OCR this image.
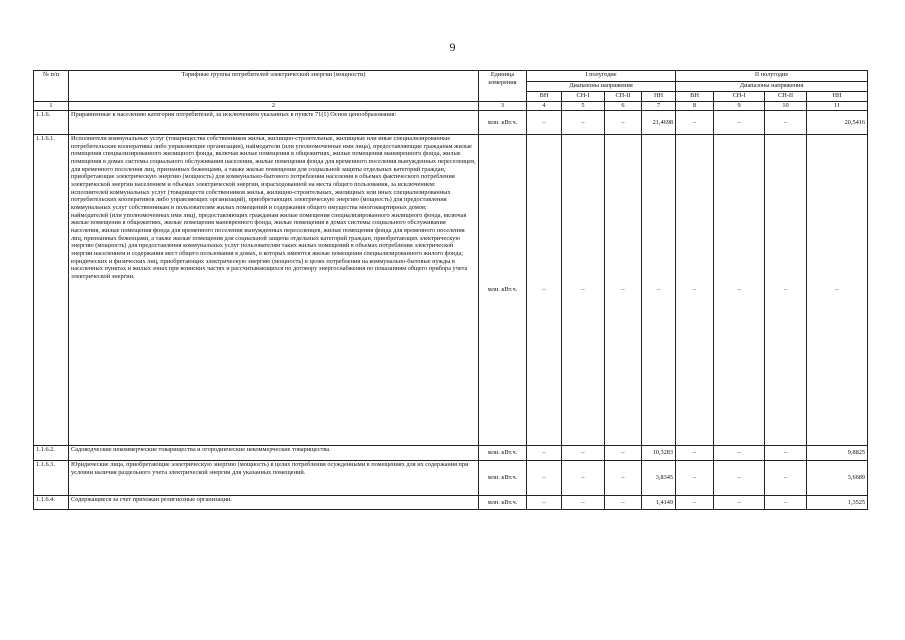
9
№ п/п	Тарифные группы потребителей электрической энергии (мощности)	Единица измерения	I полугодие				II полугодие			
			Диапазоны напряжения				Диапазоны напряжения			
			ВН	СН-I	СН-II	НН	ВН	СН-I	СН-II	НН
1	2	3	4	5	6	7	8	9	10	11
1.1.6.	Приравненные к населению категории потребителей, за исключением указанных в пункте 71(1) Основ ценообразования:	млн. кВт.ч.	–	–	–	21,4698	–	–	–	20,5416
1.1.6.1.	Исполнители коммунальных услуг (товарищества собственников жилья, жилищно-строительные, жилищные или иные специализированные потребительские кооперативы либо управляющие организации), наймодатели (или уполномоченные ими лица), предоставляющие гражданам жилые помещения специализированного жилищного фонда, включая жилые помещения в общежитиях, жилые помещения маневренного фонда, жилые помещения в домах системы социального обслуживания населения, жилые помещения фонда для временного поселения вынужденных переселенцев, для временного поселения лиц, признанных беженцами, а также жилые помещения для социальной защиты отдельных категорий граждан, приобретающие электрическую энергию (мощность) для коммунально-бытового потребления населения в объемах фактического потребления электрической энергии населением и объемах электрической энергии, израсходованной на места общего пользования, за исключением:

исполнителей коммунальных услуг (товариществ собственников жилья, жилищно-строительных, жилищных или иных специализированных потребительских кооперативов либо управляющих организаций), приобретающих электрическую энергию (мощность) для предоставления коммунальных услуг собственникам и пользователям жилых помещений и содержания общего имущества многоквартирных домов;

наймодателей (или уполномоченных ими лиц), предоставляющих гражданам жилые помещения специализированного жилищного фонда, включая жилые помещения в общежитиях, жилые помещения маневренного фонда, жилые помещения в домах системы социального обслуживания населения, жилые помещения фонда для временного поселения вынужденных переселенцев, жилые помещения фонда для временного поселения лиц, признанных беженцами, а также жилые помещения для социальной защиты отдельных категорий граждан, приобретающих электрическую энергию (мощность) для предоставления коммунальных услуг пользователям таких жилых помещений в объемах потребления электрической энергии населением и содержания мест общего пользования в домах, в которых имеются жилые помещения специализированного жилого фонда;

юридических и физических лиц, приобретающих электрическую энергию (мощность) в целях потребления на коммунально-бытовые нужды в населенных пунктах и жилых зонах при воинских частях и рассчитывающихся по договору энергоснабжения по показаниям общего прибора учета электрической энергии.	млн. кВт.ч.	–	–	–	–	–	–	–	–
1.1.6.2.	Садоводческие некоммерческие товарищества и огороднические некоммерческие товарищества.	млн. кВт.ч.	–	–	–	10,3283	–	–	–	9,8825
1.1.6.3.	Юридические лица, приобретающие электрическую энергию (мощность) в целях потребления осужденными в помещениях для их содержания при условии наличия раздельного учета электрической энергии для указанных помещений.	млн. кВт.ч.	–	–	–	3,8345	–	–	–	3,6689
1.1.6.4.	Содержащиеся за счет прихожан религиозные организации.	млн. кВт.ч.	–	–	–	1,4149	–	–	–	1,3525
